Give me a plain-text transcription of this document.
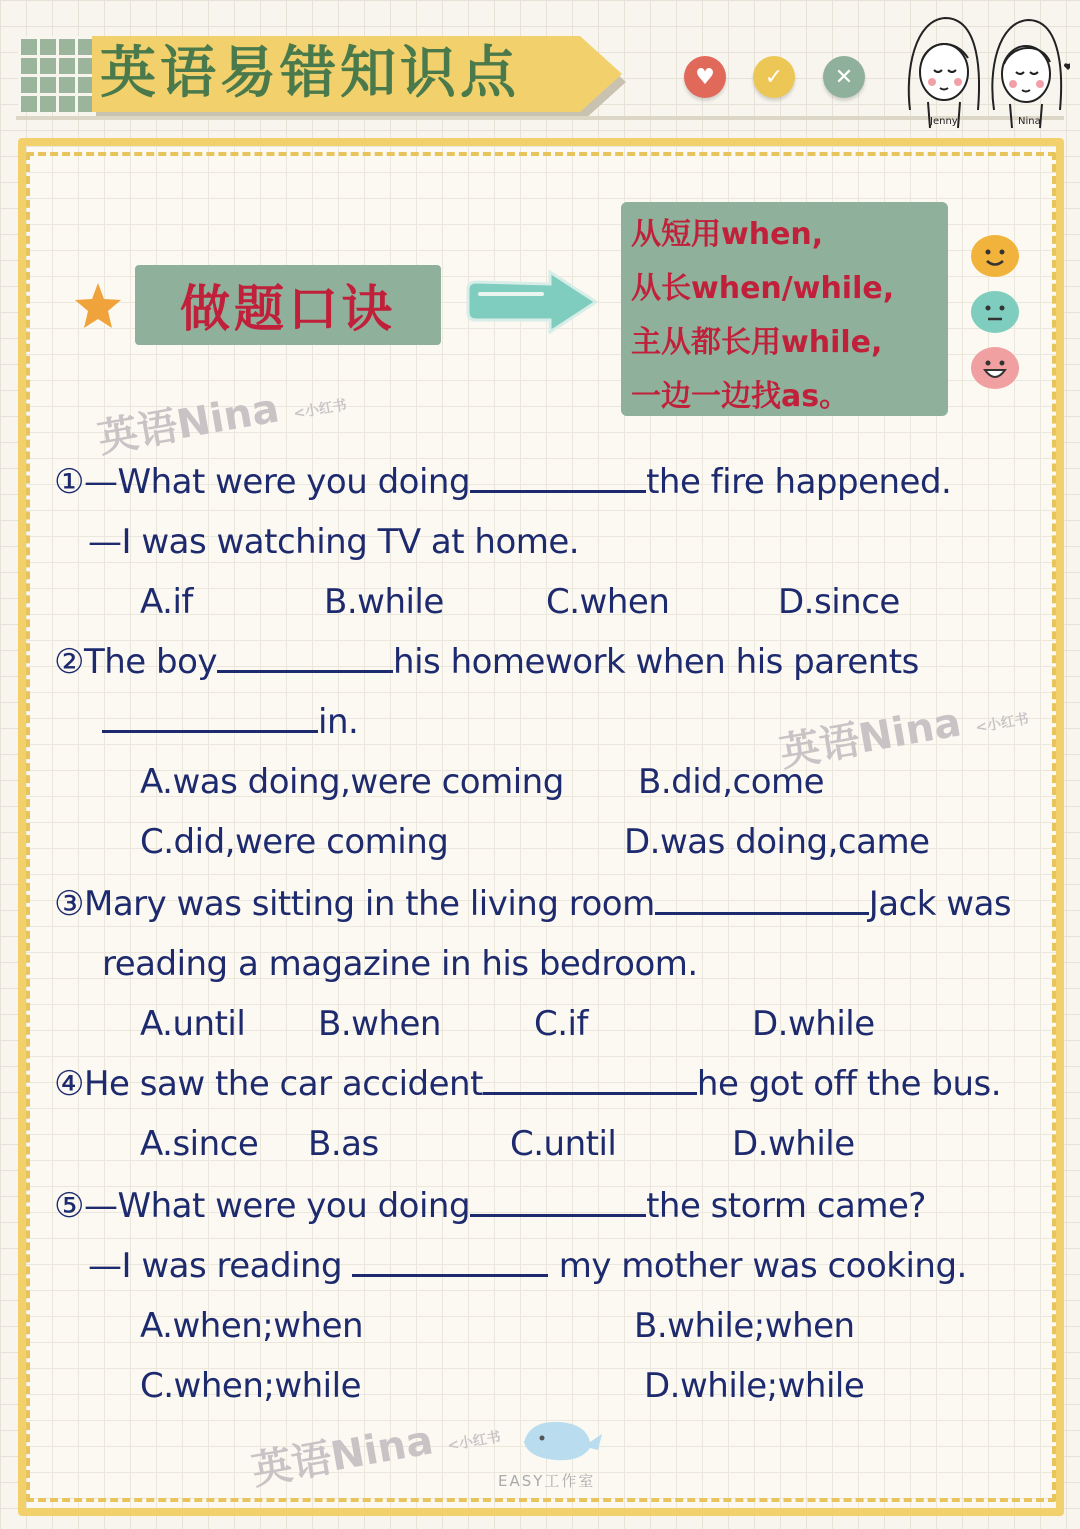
英语易错知识点	♥ ✓ ✕
Jenny	Nina
做题口诀
从短用when,
从长when/while,
主从都长用while,
一边一边找as。
英语Nina <小红书
英语Nina <小红书
英语Nina <小红书
EASY工作室
①—What were you doing	the fire happened.
—I was watching TV at home.
A.if	B.while	C.when	D.since
②The boy	his homework when his parents
in.
A.was doing,were coming B.did,come
C.did,were coming	D.was doing,came
③Mary was sitting in the living room	Jack was
reading a magazine in his bedroom.
A.until B.when	C.if	D.while
④He saw the car accident	he got off the bus.
A.since B.as	C.until	D.while
⑤—What were you doing	the storm came?
—I was reading	my mother was cooking.
A.when;when	B.while;when
C.when;while	D.while;while
